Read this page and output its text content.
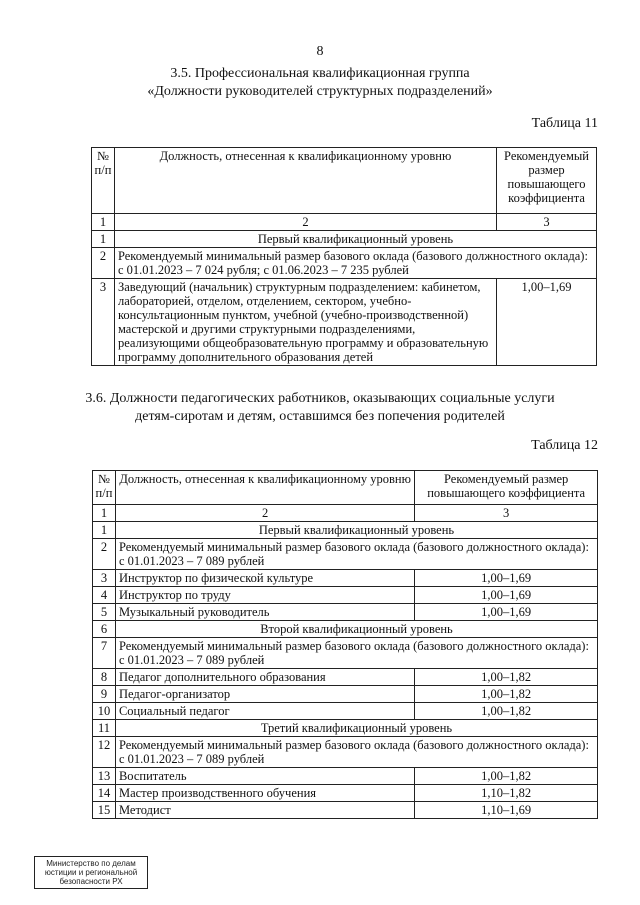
8
3.5. Профессиональная квалификационная группа
«Должности руководителей структурных подразделений»
Таблица 11
№ п/п	Должность, отнесенная к квалификационному уровню	Рекомендуемый размер повышающего коэффициента
1	2	3
1	Первый квалификационный уровень	
2	Рекомендуемый минимальный размер базового оклада (базового должностного оклада): с 01.01.2023 – 7 024 рубля; с 01.06.2023 – 7 235 рублей	
3	Заведующий (начальник) структурным подразделением: кабинетом, лабораторией, отделом, отделением, сектором, учебно-консультационным пунктом, учебной (учебно-производственной) мастерской и другими структурными подразделениями, реализующими общеобразовательную программу и образовательную программу дополнительного образования детей	1,00–1,69
3.6. Должности педагогических работников, оказывающих социальные услуги
детям-сиротам и детям, оставшимся без попечения родителей
Таблица 12
№ п/п	Должность, отнесенная к квалификационному уровню	Рекомендуемый размер повышающего коэффициента
1	2	3
1	Первый квалификационный уровень	
2	Рекомендуемый минимальный размер базового оклада (базового должностного оклада): с 01.01.2023 – 7 089 рублей	
3	Инструктор по физической культуре	1,00–1,69
4	Инструктор по труду	1,00–1,69
5	Музыкальный руководитель	1,00–1,69
6	Второй квалификационный уровень	
7	Рекомендуемый минимальный размер базового оклада (базового должностного оклада): с 01.01.2023 – 7 089 рублей	
8	Педагог дополнительного образования	1,00–1,82
9	Педагог-организатор	1,00–1,82
10	Социальный педагог	1,00–1,82
11	Третий квалификационный уровень	
12	Рекомендуемый минимальный размер базового оклада (базового должностного оклада): с 01.01.2023 – 7 089 рублей	
13	Воспитатель	1,00–1,82
14	Мастер производственного обучения	1,10–1,82
15	Методист	1,10–1,69
Министерство по делам
юстиции и региональной
безопасности РХ
